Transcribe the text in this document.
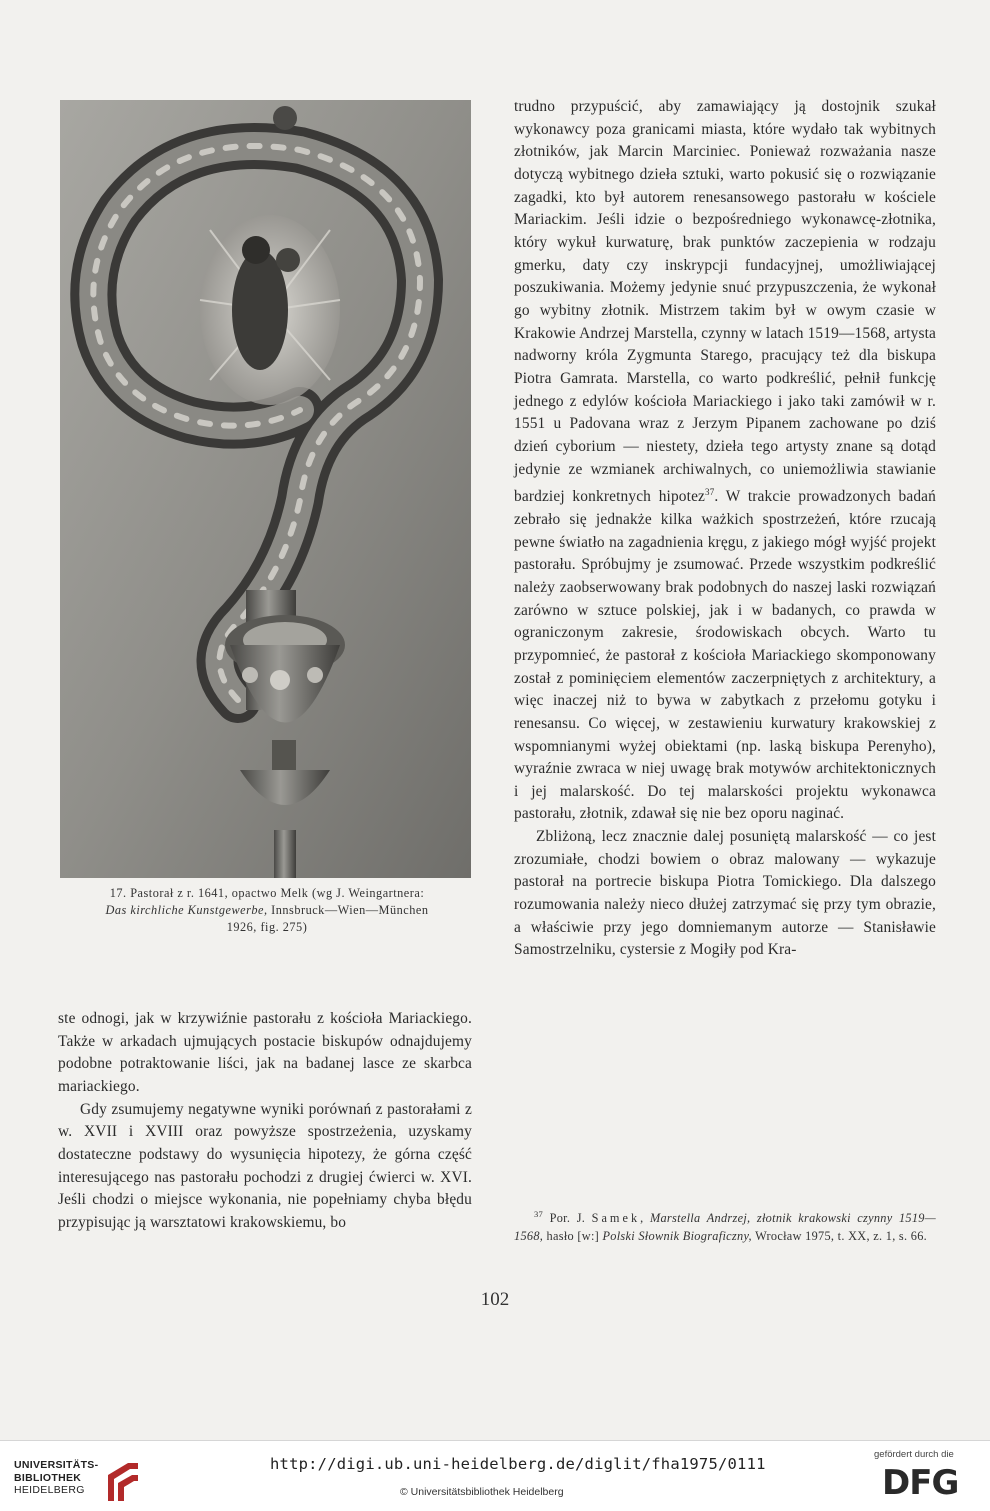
17. Pastorał z r. 1641, opactwo Melk (wg J. Weingartnera:
Das kirchliche Kunstgewerbe, Innsbruck—Wien—München
1926, fig. 275)

ste odnogi, jak w krzywiźnie pastorału z kościoła Mariackiego. Także w arkadach ujmujących postacie biskupów odnajdujemy podobne potraktowanie liści, jak na badanej lasce ze skarbca mariackiego.

Gdy zsumujemy negatywne wyniki porównań z pastorałami z w. XVII i XVIII oraz powyższe spostrzeżenia, uzyskamy dostateczne podstawy do wysunięcia hipotezy, że górna część interesującego nas pastorału pochodzi z drugiej ćwierci w. XVI. Jeśli chodzi o miejsce wykonania, nie popełniamy chyba błędu przypisując ją warsztatowi krakowskiemu, bo

trudno przypuścić, aby zamawiający ją dostojnik szukał wykonawcy poza granicami miasta, które wydało tak wybitnych złotników, jak Marcin Marciniec. Ponieważ rozważania nasze dotyczą wybitnego dzieła sztuki, warto pokusić się o rozwiązanie zagadki, kto był autorem renesansowego pastorału w kościele Mariackim. Jeśli idzie o bezpośredniego wykonawcę-złotnika, który wykuł kurwaturę, brak punktów zaczepienia w rodzaju gmerku, daty czy inskrypcji fundacyjnej, umożliwiającej poszukiwania. Możemy jedynie snuć przypuszczenia, że wykonał go wybitny złotnik. Mistrzem takim był w owym czasie w Krakowie Andrzej Marstella, czynny w latach 1519—1568, artysta nadworny króla Zygmunta Starego, pracujący też dla biskupa Piotra Gamrata. Marstella, co warto podkreślić, pełnił funkcję jednego z edylów kościoła Mariackiego i jako taki zamówił w r. 1551 u Padovana wraz z Jerzym Pipanem zachowane po dziś dzień cyborium — niestety, dzieła tego artysty znane są dotąd jedynie ze wzmianek archiwalnych, co uniemożliwia stawianie bardziej konkretnych hipotez$^{37}$. W trakcie prowadzonych badań zebrało się jednakże kilka ważkich spostrzeżeń, które rzucają pewne światło na zagadnienia kręgu, z jakiego mógł wyjść projekt pastorału. Spróbujmy je zsumować. Przede wszystkim podkreślić należy zaobserwowany brak podobnych do naszej laski rozwiązań zarówno w sztuce polskiej, jak i w badanych, co prawda w ograniczonym zakresie, środowiskach obcych. Warto tu przypomnieć, że pastorał z kościoła Mariackiego skomponowany został z pominięciem elementów zaczerpniętych z architektury, a więc inaczej niż to bywa w zabytkach z przełomu gotyku i renesansu. Co więcej, w zestawieniu kurwatury krakowskiej z wspomnianymi wyżej obiektami (np. laską biskupa Perenyho), wyraźnie zwraca w niej uwagę brak motywów architektonicznych i jej malarskość. Do tej malarskości projektu wykonawca pastorału, złotnik, zdawał się nie bez oporu naginać.

Zbliżoną, lecz znacznie dalej posuniętą malarskość — co jest zrozumiałe, chodzi bowiem o obraz malowany — wykazuje pastorał na portrecie biskupa Piotra Tomickiego. Dla dalszego rozumowania należy nieco dłużej zatrzymać się przy tym obrazie, a właściwie przy jego domniemanym autorze — Stanisławie Samostrzelniku, cystersie z Mogiły pod Kra-

$^{37}$ Por. J. Samek, Marstella Andrzej, złotnik krakowski czynny 1519—1568, hasło [w:] Polski Słownik Biograficzny, Wrocław 1975, t. XX, z. 1, s. 66.
102
UNIVERSITÄTS-
BIBLIOTHEK
HEIDELBERG
http://digi.ub.uni-heidelberg.de/diglit/fha1975/0111
© Universitätsbibliothek Heidelberg
gefördert durch die
DFG
